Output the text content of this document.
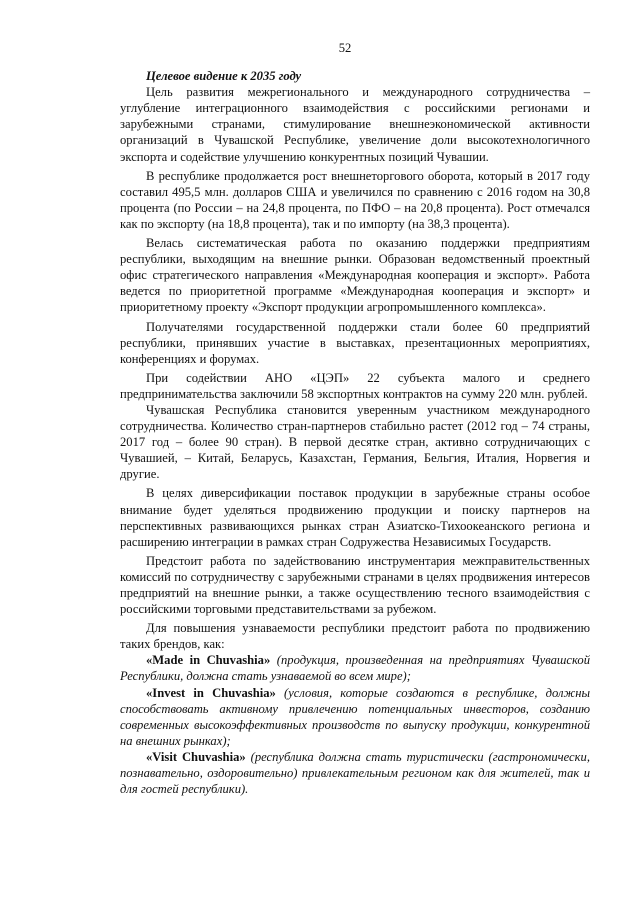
52
Целевое видение к 2035 году

Цель развития межрегионального и международного сотрудничества – углубление интеграционного взаимодействия с российскими регионами и зарубежными странами, стимулирование внешнеэкономической активности организаций в Чувашской Республике, увеличение доли высокотехнологичного экспорта и содействие улучшению конкурентных позиций Чувашии.

В республике продолжается рост внешнеторгового оборота, который в 2017 году составил 495,5 млн. долларов США и увеличился по сравнению с 2016 годом на 30,8 процента (по России – на 24,8 процента, по ПФО – на 20,8 процента). Рост отмечался как по экспорту (на 18,8 процента), так и по импорту (на 38,3 процента).

Велась систематическая работа по оказанию поддержки предприятиям республики, выходящим на внешние рынки. Образован ведомственный проектный офис стратегического направления «Международная кооперация и экспорт». Работа ведется по приоритетной программе «Международная кооперация и экспорт» и приоритетному проекту «Экспорт продукции агропромышленного комплекса».

Получателями государственной поддержки стали более 60 предприятий республики, принявших участие в выставках, презентационных мероприятиях, конференциях и форумах.

При содействии АНО «ЦЭП» 22 субъекта малого и среднего предпринимательства заключили 58 экспортных контрактов на сумму 220 млн. рублей.

Чувашская Республика становится уверенным участником международного сотрудничества. Количество стран-партнеров стабильно растет (2012 год – 74 страны, 2017 год – более 90 стран). В первой десятке стран, активно сотрудничающих с Чувашией, – Китай, Беларусь, Казахстан, Германия, Бельгия, Италия, Норвегия и другие.

В целях диверсификации поставок продукции в зарубежные страны особое внимание будет уделяться продвижению продукции и поиску партнеров на перспективных развивающихся рынках стран Азиатско-Тихоокеанского региона и расширению интеграции в рамках стран Содружества Независимых Государств.

Предстоит работа по задействованию инструментария межправительственных комиссий по сотрудничеству с зарубежными странами в целях продвижения интересов предприятий на внешние рынки, а также осуществлению тесного взаимодействия с российскими торговыми представительствами за рубежом.

Для повышения узнаваемости республики предстоит работа по продвижению таких брендов, как:

«Made in Chuvashia» (продукция, произведенная на предприятиях Чувашской Республики, должна стать узнаваемой во всем мире);

«Invest in Chuvashia» (условия, которые создаются в республике, должны способствовать активному привлечению потенциальных инвесторов, созданию современных высокоэффективных производств по выпуску продукции, конкурентной на внешних рынках);

«Visit Chuvashia» (республика должна стать туристически (гастрономически, познавательно, оздоровительно) привлекательным регионом как для жителей, так и для гостей республики).
